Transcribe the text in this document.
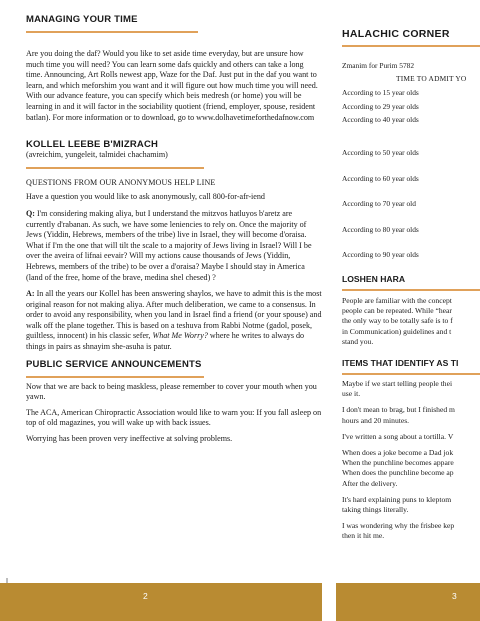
MANAGING YOUR TIME

Are you doing the daf? Would you like to set aside time everyday, but are unsure how much time you will need? You can learn some dafs quickly and others can take a long time. Announcing, Art Rolls newest app, Waze for the Daf. Just put in the daf you want to learn, and which meforshim you want and it will figure out how much time you will need. With our advance feature, you can specify which beis medresh (or home) you will be learning in and it will factor in the sociability quotient (friend, employer, spouse, resident batlan). For more information or to download, go to www.dolhavetimeforthedafnow.com

KOLLEL LEEBE B'MIZRACH
(avreichim, yungeleit, talmidei chachamim)
QUESTIONS FROM OUR ANONYMOUS HELP LINE

Have a question you would like to ask anonymously, call 800-for-afr-iend

Q: I'm considering making aliya, but I understand the mitzvos hatluyos b'aretz are currently d'rabanan. As such, we have some leniencies to rely on. Once the majority of Jews (Yiddin, Hebrews, members of the tribe) live in Israel, they will become d'oraisa. What if I'm the one that will tilt the scale to a majority of Jews living in Israel? Will I be over the aveira of lifnai eevair? Will my actions cause thousands of Jews (Yiddin, Hebrews, members of the tribe) to be over a d'oraisa? Maybe I should stay in America (land of the free, home of the brave, medina shel chesed) ?

A: In all the years our Kollel has been answering shaylos, we have to admit this is the most original reason for not making aliya. After much deliberation, we came to a consensus. In order to avoid any responsibility, when you land in Israel find a friend (or your spouse) and walk off the plane together. This is based on a teshuva from Rabbi Notme (gadol, posek, guiltless, innocent) in his classic sefer, What Me Worry? where he writes to always do things in pairs as shnayim she-asuha is patur.

PUBLIC SERVICE ANNOUNCEMENTS

Now that we are back to being maskless, please remember to cover your mouth when you yawn.

The ACA, American Chiropractic Association would like to warn you: If you fall asleep on top of old magazines, you will wake up with back issues.

Worrying has been proven very ineffective at solving problems.

HALACHIC CORNER
Zmanim for Purim 5782
TIME TO ADMIT YO
According to 15 year olds
According to 29 year olds
According to 40 year olds
According to 50 year olds
According to 60 year olds
According to 70 year old
According to 80 year olds
According to 90 year olds
LOSHEN HARA
People are familiar with the concept
people can be repeated. While “hear
the only way to be totally safe is to f
in Communication) guidelines and t
stand you.
ITEMS THAT IDENTIFY AS TI
Maybe if we start telling people thei
use it.
I don't mean to brag, but I finished m
hours and 20 minutes.
I've written a song about a tortilla. V
When does a joke become a Dad jok
When the punchline becomes appare
When does the punchline become ap
After the delivery.
It's hard explaining puns to kleptom
taking things literally.
I was wondering why the frisbee kep
then it hit me.
2	3
